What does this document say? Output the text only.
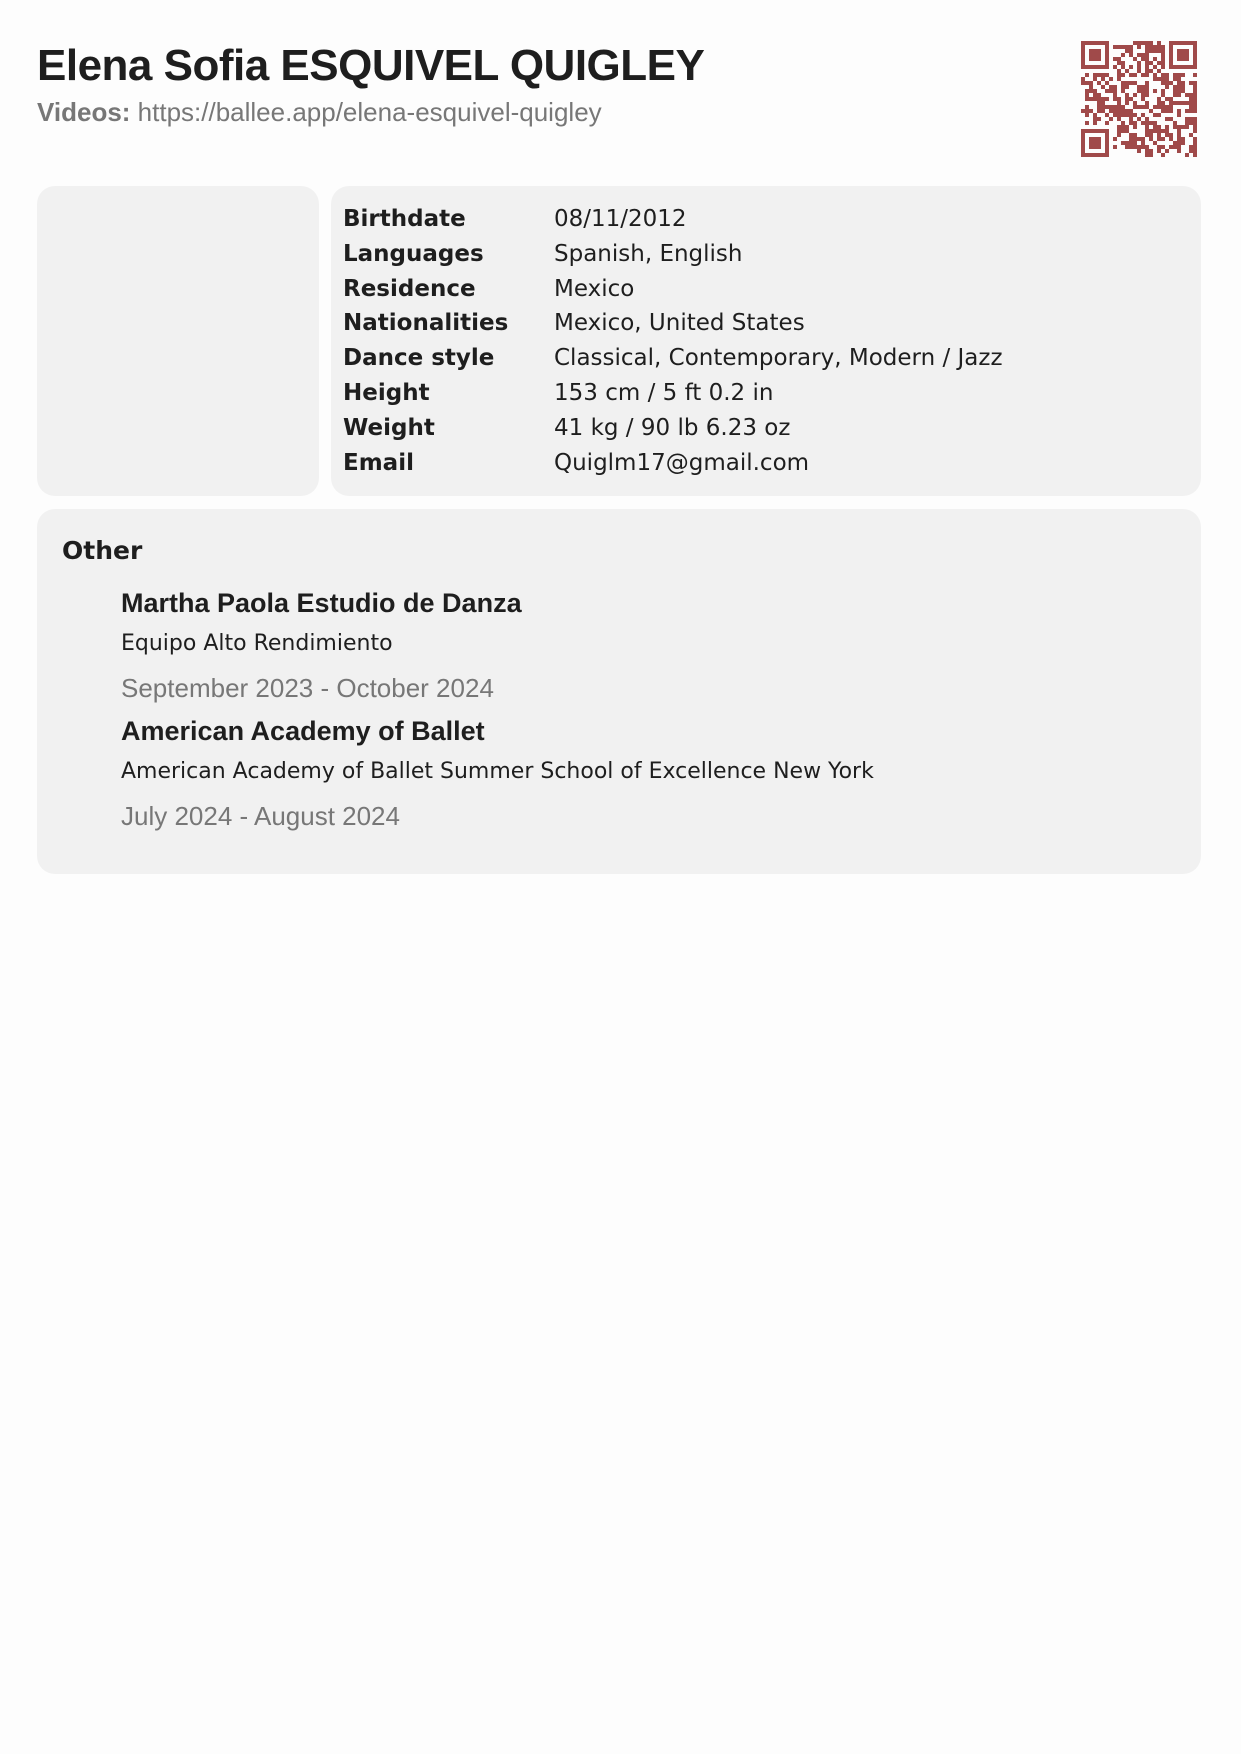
Elena Sofia ESQUIVEL QUIGLEY
Videos: https://ballee.app/elena-esquivel-quigley
Birthdate	08/11/2012
Languages	Spanish, English
Residence	Mexico
Nationalities Mexico, United States
Dance style	Classical, Contemporary, Modern / Jazz
Height	153 cm / 5 ft 0.2 in
Weight	41 kg / 90 lb 6.23 oz
Email	Quiglm17@gmail.com
Other
Martha Paola Estudio de Danza
Equipo Alto Rendimiento
September 2023 - October 2024
American Academy of Ballet
American Academy of Ballet Summer School of Excellence New York
July 2024 - August 2024
